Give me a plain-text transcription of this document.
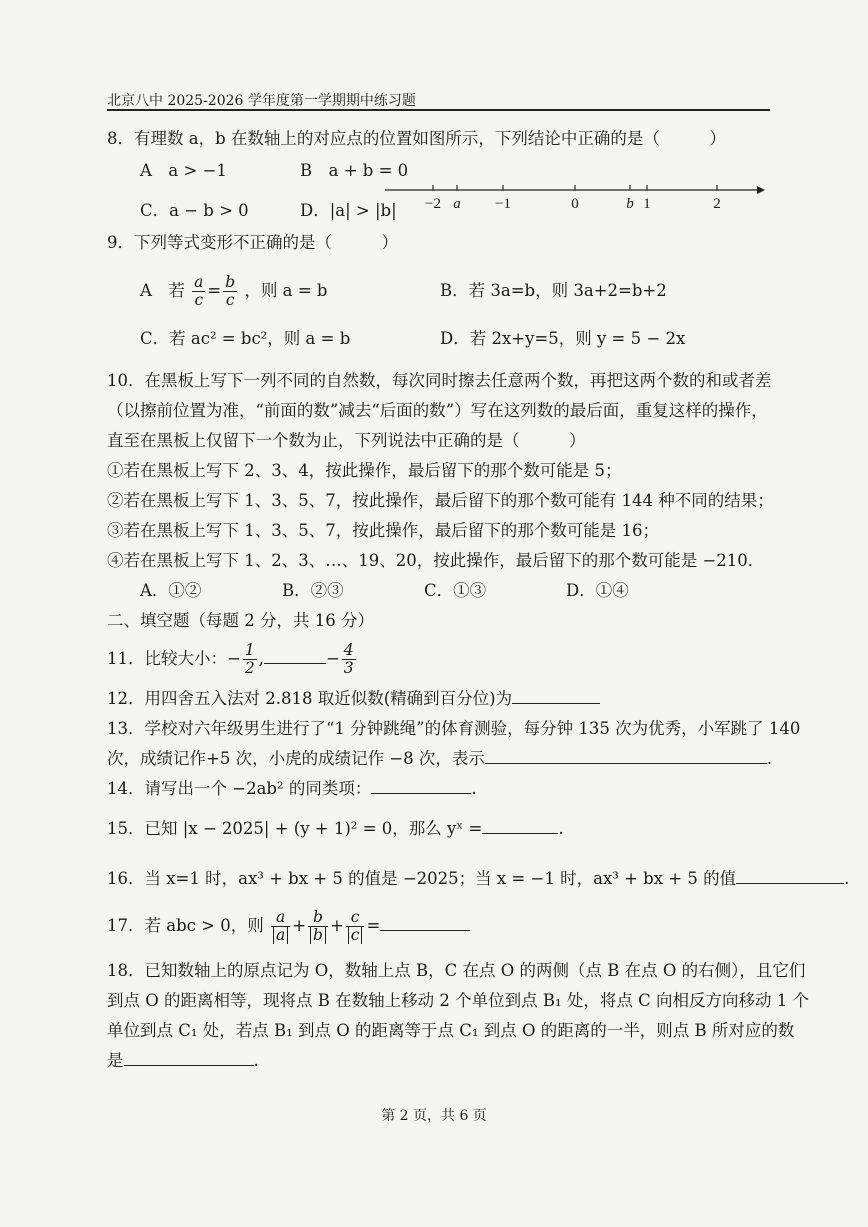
北京八中 2025-2026 学年度第一学期期中练习题
8．有理数 a，b 在数轴上的对应点的位置如图所示，下列结论中正确的是（　　　）
A　a > −1	B　a + b = 0
C．a − b > 0	D．|a| > |b| −2 a −1	0	b 1	2
9．下列等式变形不正确的是（　　　）
A　若 $\frac{a}{c} = \frac{b}{c}$ ，则 a = b	B．若 3a=b，则 3a+2=b+2
C．若 ac² = bc²，则 a = b	D．若 2x+y=5，则 y = 5 − 2x
10．在黑板上写下一列不同的自然数，每次同时擦去任意两个数，再把这两个数的和或者差
（以擦前位置为准，“前面的数”减去“后面的数”）写在这列数的最后面，重复这样的操作，
直至在黑板上仅留下一个数为止，下列说法中正确的是（　　　）
①若在黑板上写下 2、3、4，按此操作，最后留下的那个数可能是 5；
②若在黑板上写下 1、3、5、7，按此操作，最后留下的那个数可能有 144 种不同的结果；
③若在黑板上写下 1、3、5、7，按此操作，最后留下的那个数可能是 16；
④若在黑板上写下 1、2、3、…、19、20，按此操作，最后留下的那个数可能是 −210．
A．①②	B．②③	C．①③	D．①④
二、填空题（每题 2 分，共 16 分）
11．比较大小：− $\frac{1}{2}$ ,	− $\frac{4}{3}$
12．用四舍五入法对 2.818 取近似数(精确到百分位)为
13．学校对六年级男生进行了“1 分钟跳绳”的体育测验，每分钟 135 次为优秀，小军跳了 140
次，成绩记作+5 次，小虎的成绩记作 −8 次，表示	.
14．请写出一个 −2ab² 的同类项：	.
15．已知 |x − 2025| + (y + 1)² = 0，那么 yˣ =	.
16．当 x=1 时，ax³ + bx + 5 的值是 −2025；当 x = −1 时，ax³ + bx + 5 的值	.
17．若 abc > 0，则 $\frac{a}{a} + \frac{b}{b} + \frac{c}{c}$ =
18．已知数轴上的原点记为 O，数轴上点 B，C 在点 O 的两侧（点 B 在点 O 的右侧），且它们
到点 O 的距离相等，现将点 B 在数轴上移动 2 个单位到点 B₁ 处，将点 C 向相反方向移动 1 个
单位到点 C₁ 处，若点 B₁ 到点 O 的距离等于点 C₁ 到点 O 的距离的一半，则点 B 所对应的数
是	.
第 2 页，共 6 页
